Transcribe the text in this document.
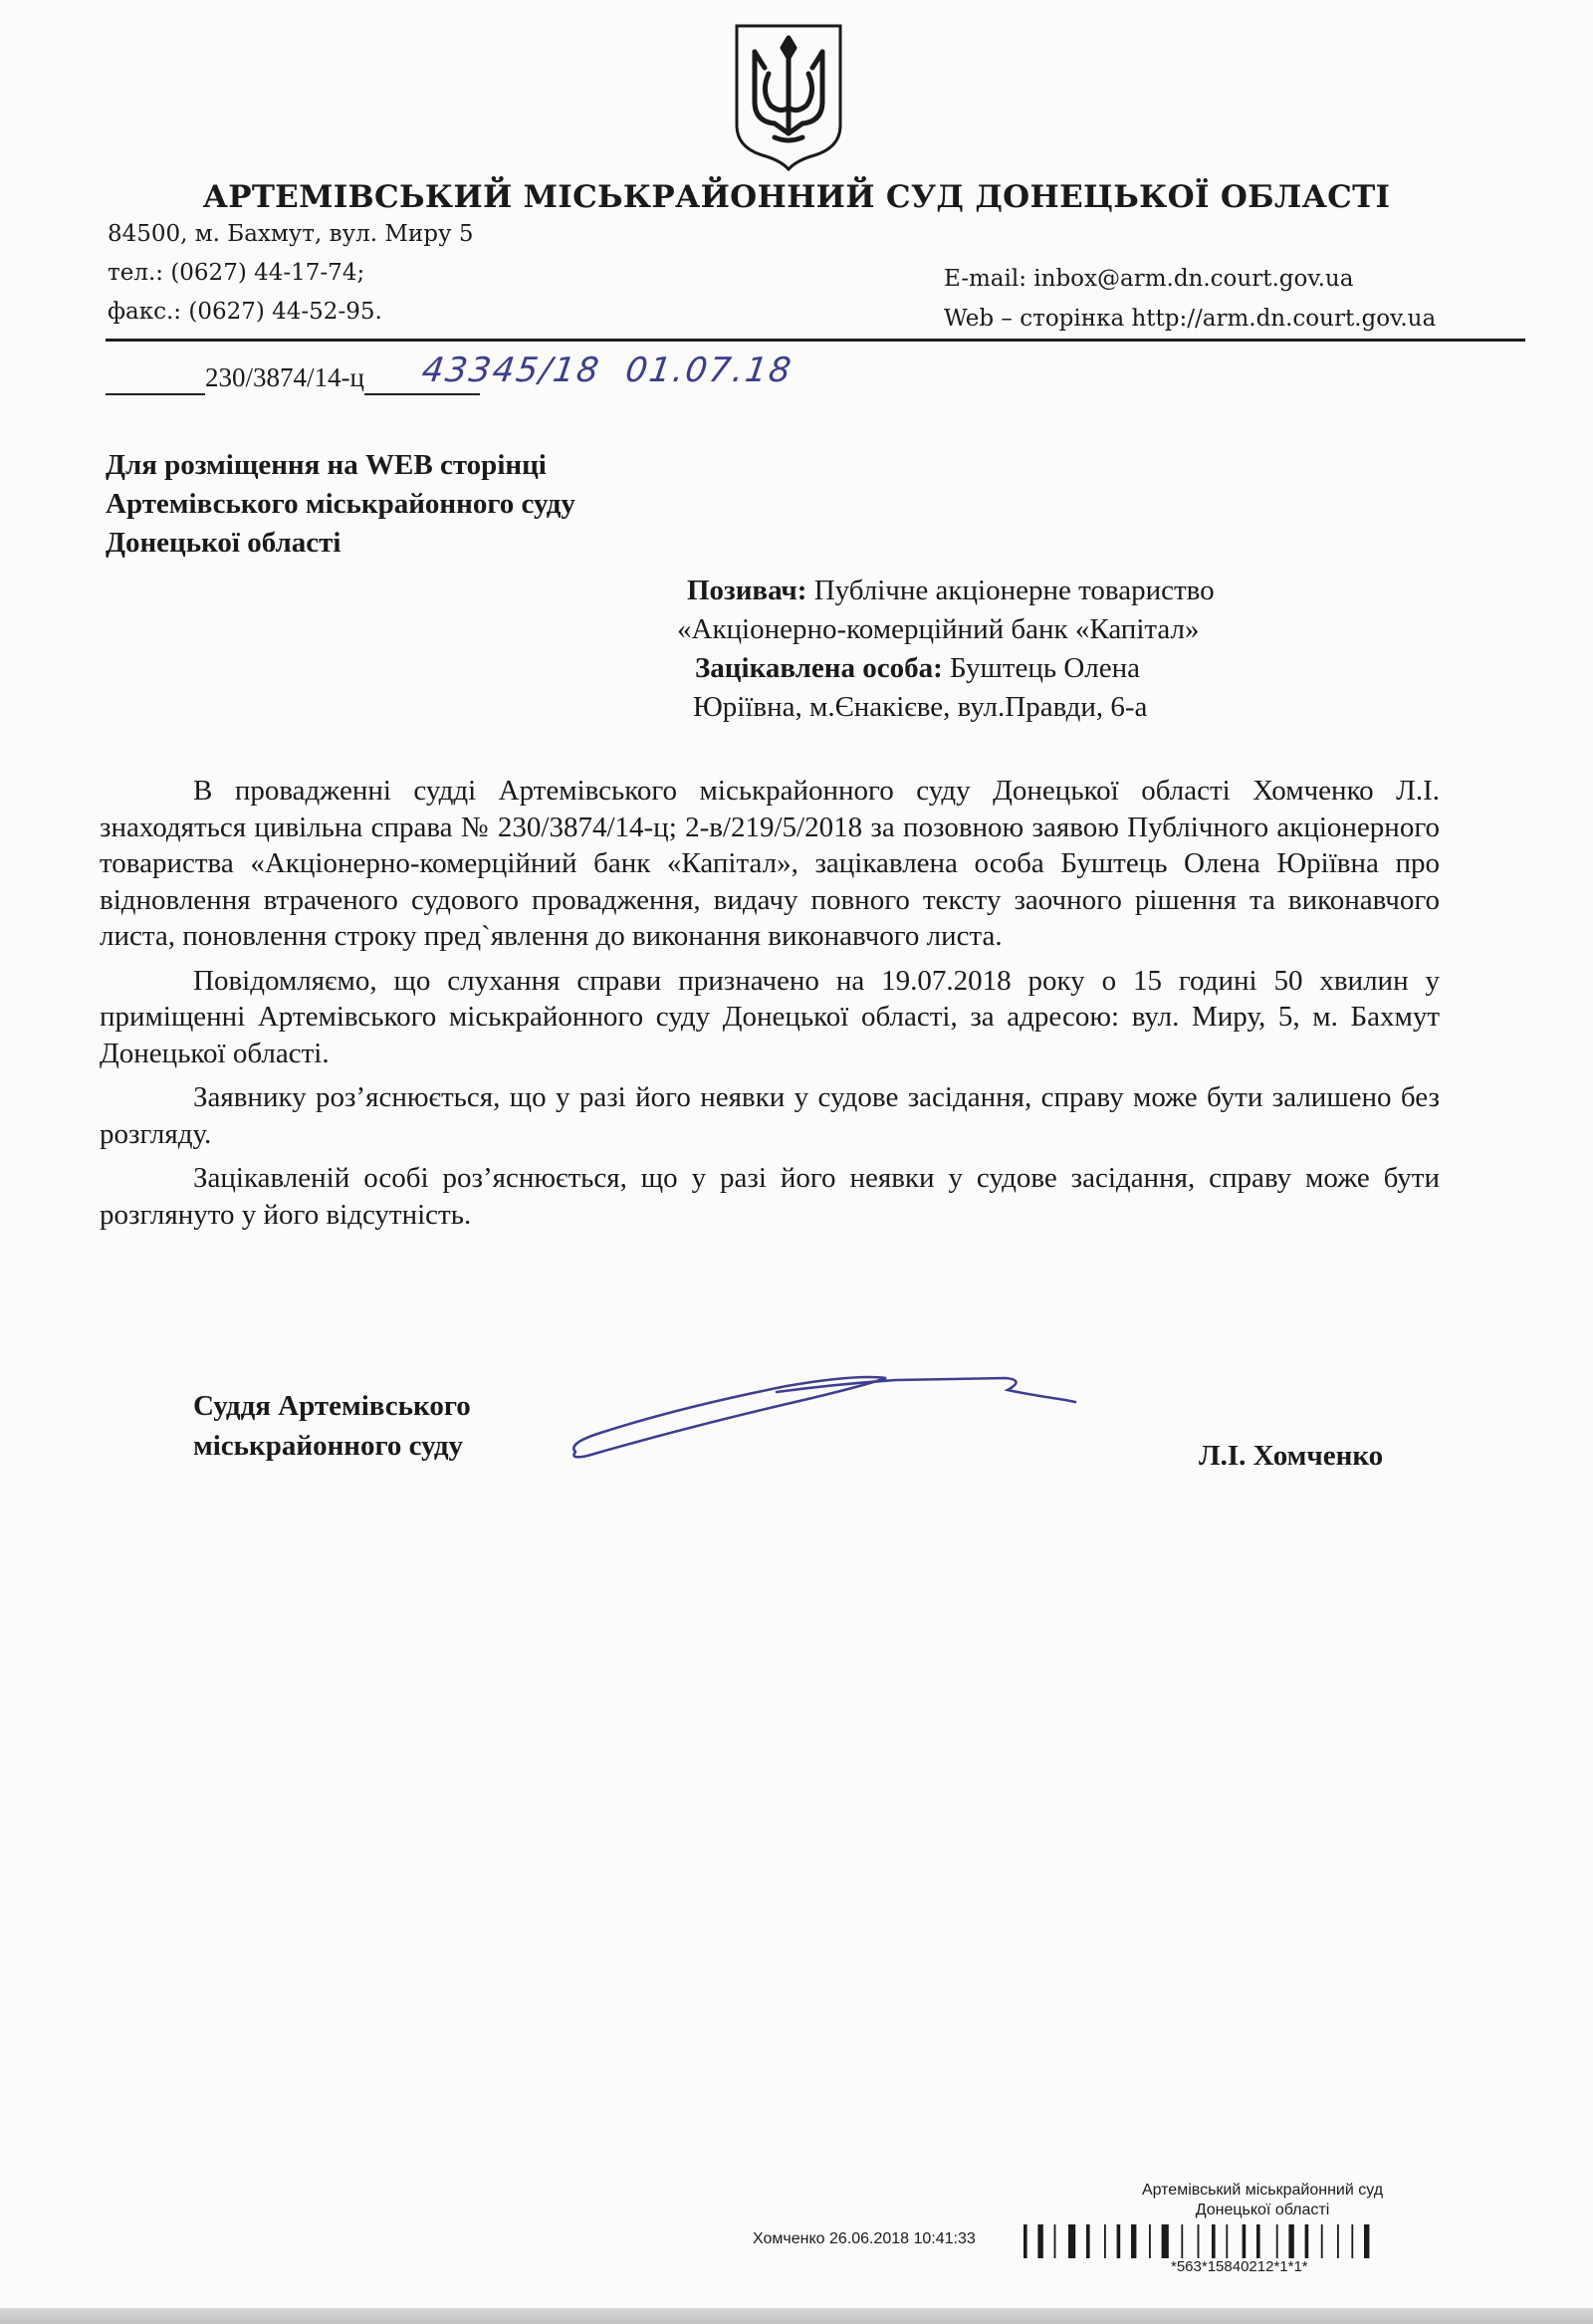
АРТЕМІВСЬКИЙ МІСЬКРАЙОННИЙ СУД ДОНЕЦЬКОЇ ОБЛАСТІ
84500, м. Бахмут, вул. Миру 5
тел.: (0627) 44-17-74;
факс.: (0627) 44-52-95.
E-mail: inbox@arm.dn.court.gov.ua
Web – сторінка http://arm.dn.court.gov.ua
230/3874/14-ц	43345/18 01.07.18
Для розміщення на WEB сторінці
Артемівського міськрайонного суду
Донецької області
Позивач: Публічне акціонерне товариство
«Акціонерно-комерційний банк «Капітал»
Зацікавлена особа: Буштець Олена
Юріївна, м.Єнакієве, вул.Правди, 6-а

В провадженні судді Артемівського міськрайонного суду Донецької області Хомченко Л.І. знаходяться цивільна справа № 230/3874/14-ц; 2-в/219/5/2018 за позовною заявою Публічного акціонерного товариства «Акціонерно-комерційний банк «Капітал», зацікавлена особа Буштець Олена Юріївна про відновлення втраченого судового провадження, видачу повного тексту заочного рішення та виконавчого листа, поновлення строку пред`явлення до виконання виконавчого листа.

Повідомляємо, що слухання справи призначено на 19.07.2018 року о 15 годині 50 хвилин у приміщенні Артемівського міськрайонного суду Донецької області, за адресою: вул. Миру, 5, м. Бахмут Донецької області.

Заявнику роз’яснюється, що у разі його неявки у судове засідання, справу може бути залишено без розгляду.

Зацікавленій особі роз’яснюється, що у разі його неявки у судове засідання, справу може бути розглянуто у його відсутність.

Суддя Артемівського
міськрайонного суду	Л.І. Хомченко
Артемівський міськрайонний суд
Донецької області
Хомченко 26.06.2018 10:41:33
*563*15840212*1*1*
